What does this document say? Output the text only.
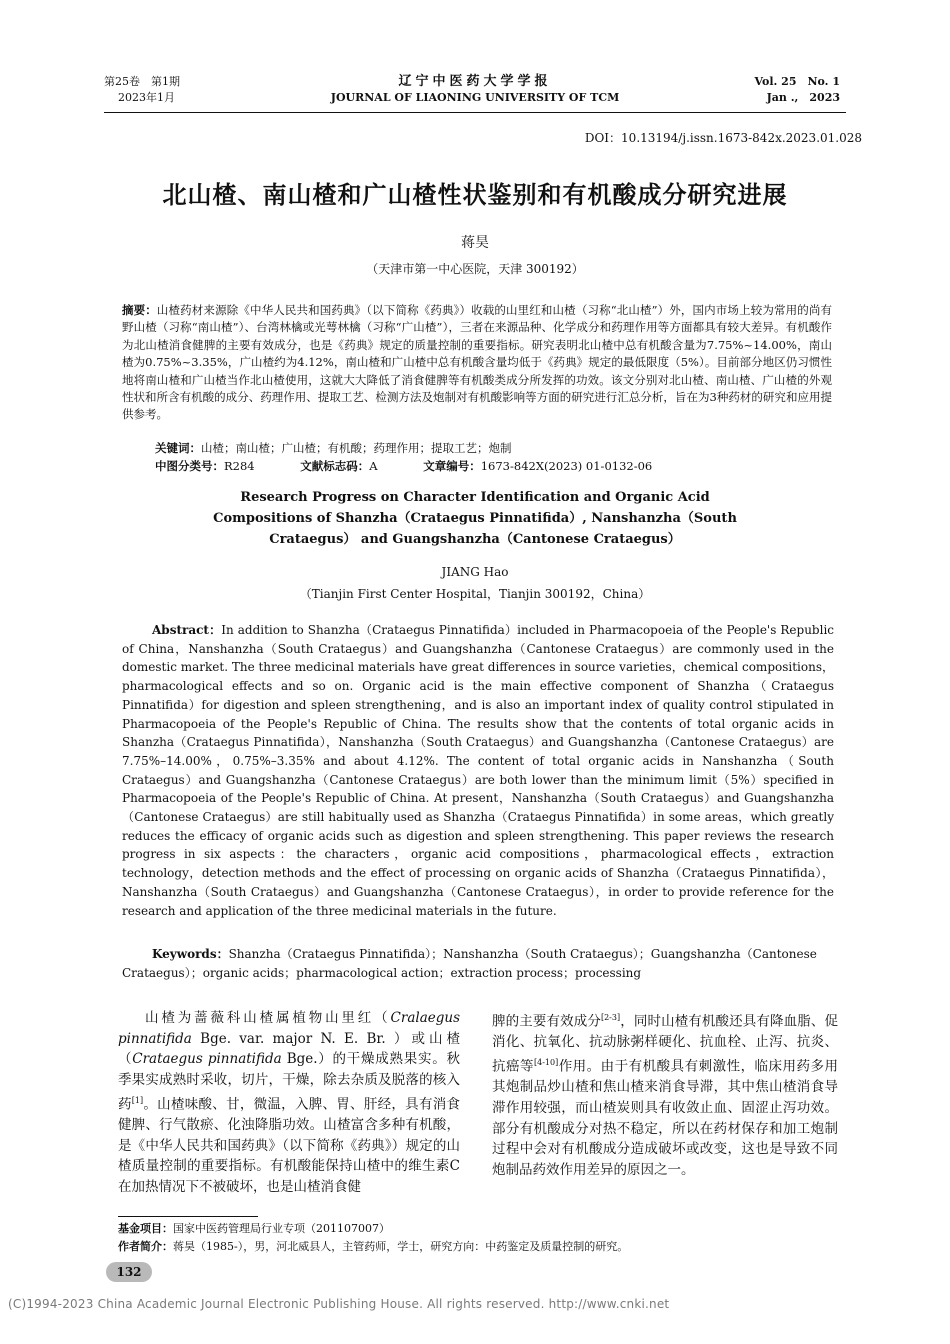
第25卷　第1期
2023年1月
辽宁中医药大学学报
JOURNAL OF LIAONING UNIVERSITY OF TCM
Vol. 25　No. 1
Jan .,　2023
DOI：10.13194/j.issn.1673-842x.2023.01.028
北山楂、南山楂和广山楂性状鉴别和有机酸成分研究进展
蒋昊
（天津市第一中心医院，天津 300192）
摘要：山楂药材来源除《中华人民共和国药典》（以下简称《药典》）收载的山里红和山楂（习称“北山楂”）外，国内市场上较为常用的尚有野山楂（习称“南山楂”）、台湾林檎或光萼林檎（习称“广山楂”），三者在来源品种、化学成分和药理作用等方面都具有较大差异。有机酸作为北山楂消食健脾的主要有效成分，也是《药典》规定的质量控制的重要指标。研究表明北山楂中总有机酸含量为7.75%~14.00%，南山楂为0.75%~3.35%，广山楂约为4.12%，南山楂和广山楂中总有机酸含量均低于《药典》规定的最低限度（5%）。目前部分地区仍习惯性地将南山楂和广山楂当作北山楂使用，这就大大降低了消食健脾等有机酸类成分所发挥的功效。该文分别对北山楂、南山楂、广山楂的外观性状和所含有机酸的成分、药理作用、提取工艺、检测方法及炮制对有机酸影响等方面的研究进行汇总分析，旨在为3种药材的研究和应用提供参考。
关键词：山楂；南山楂；广山楂；有机酸；药理作用；提取工艺；炮制
中图分类号：R284	文献标志码：A	文章编号：1673-842X(2023) 01-0132-06
Research Progress on Character Identification and Organic Acid
Compositions of Shanzha（Crataegus Pinnatifida）, Nanshanzha（South
Crataegus） and Guangshanzha（Cantonese Crataegus）
JIANG Hao
（Tianjin First Center Hospital，Tianjin 300192，China）
Abstract：In addition to Shanzha（Crataegus Pinnatifida）included in Pharmacopoeia of the People's Republic of China，Nanshanzha（South Crataegus）and Guangshanzha（Cantonese Crataegus）are commonly used in the domestic market. The three medicinal materials have great differences in source varieties，chemical compositions，pharmacological effects and so on. Organic acid is the main effective component of Shanzha（Crataegus Pinnatifida）for digestion and spleen strengthening，and is also an important index of quality control stipulated in Pharmacopoeia of the People's Republic of China. The results show that the contents of total organic acids in Shanzha（Crataegus Pinnatifida），Nanshanzha（South Crataegus）and Guangshanzha（Cantonese Crataegus）are 7.75%–14.00%，0.75%–3.35% and about 4.12%. The content of total organic acids in Nanshanzha（South Crataegus）and Guangshanzha（Cantonese Crataegus）are both lower than the minimum limit（5%）specified in Pharmacopoeia of the People's Republic of China. At present，Nanshanzha（South Crataegus）and Guangshanzha（Cantonese Crataegus）are still habitually used as Shanzha（Crataegus Pinnatifida）in some areas，which greatly reduces the efficacy of organic acids such as digestion and spleen strengthening. This paper reviews the research progress in six aspects：the characters，organic acid compositions，pharmacological effects，extraction technology，detection methods and the effect of processing on organic acids of Shanzha（Crataegus Pinnatifida），Nanshanzha（South Crataegus）and Guangshanzha（Cantonese Crataegus），in order to provide reference for the research and application of the three medicinal materials in the future.
Keywords：Shanzha（Crataegus Pinnatifida）；Nanshanzha（South Crataegus）；Guangshanzha（Cantonese Crataegus）；organic acids；pharmacological action；extraction process；processing
山楂为蔷薇科山楂属植物山里红（Cralaegus pinnatifida Bge. var. major N. E. Br. ）或山楂（Crataegus pinnatifida Bge.）的干燥成熟果实。秋季果实成熟时采收，切片，干燥，除去杂质及脱落的核入药[1]。山楂味酸、甘，微温，入脾、胃、肝经，具有消食健脾、行气散瘀、化浊降脂功效。山楂富含多种有机酸，是《中华人民共和国药典》（以下简称《药典》）规定的山楂质量控制的重要指标。有机酸能保持山楂中的维生素C在加热情况下不被破坏，也是山楂消食健
脾的主要有效成分[2-3]，同时山楂有机酸还具有降血脂、促消化、抗氧化、抗动脉粥样硬化、抗血栓、止泻、抗炎、抗癌等[4-10]作用。由于有机酸具有刺激性，临床用药多用其炮制品炒山楂和焦山楂来消食导滞，其中焦山楂消食导滞作用较强，而山楂炭则具有收敛止血、固涩止泻功效。部分有机酸成分对热不稳定，所以在药材保存和加工炮制过程中会对有机酸成分造成破坏或改变，这也是导致不同炮制品药效作用差异的原因之一。
基金项目：国家中医药管理局行业专项（201107007）
作者简介：蒋昊（1985-），男，河北威县人，主管药师，学士，研究方向：中药鉴定及质量控制的研究。
132
(C)1994-2023 China Academic Journal Electronic Publishing House. All rights reserved. http://www.cnki.net
